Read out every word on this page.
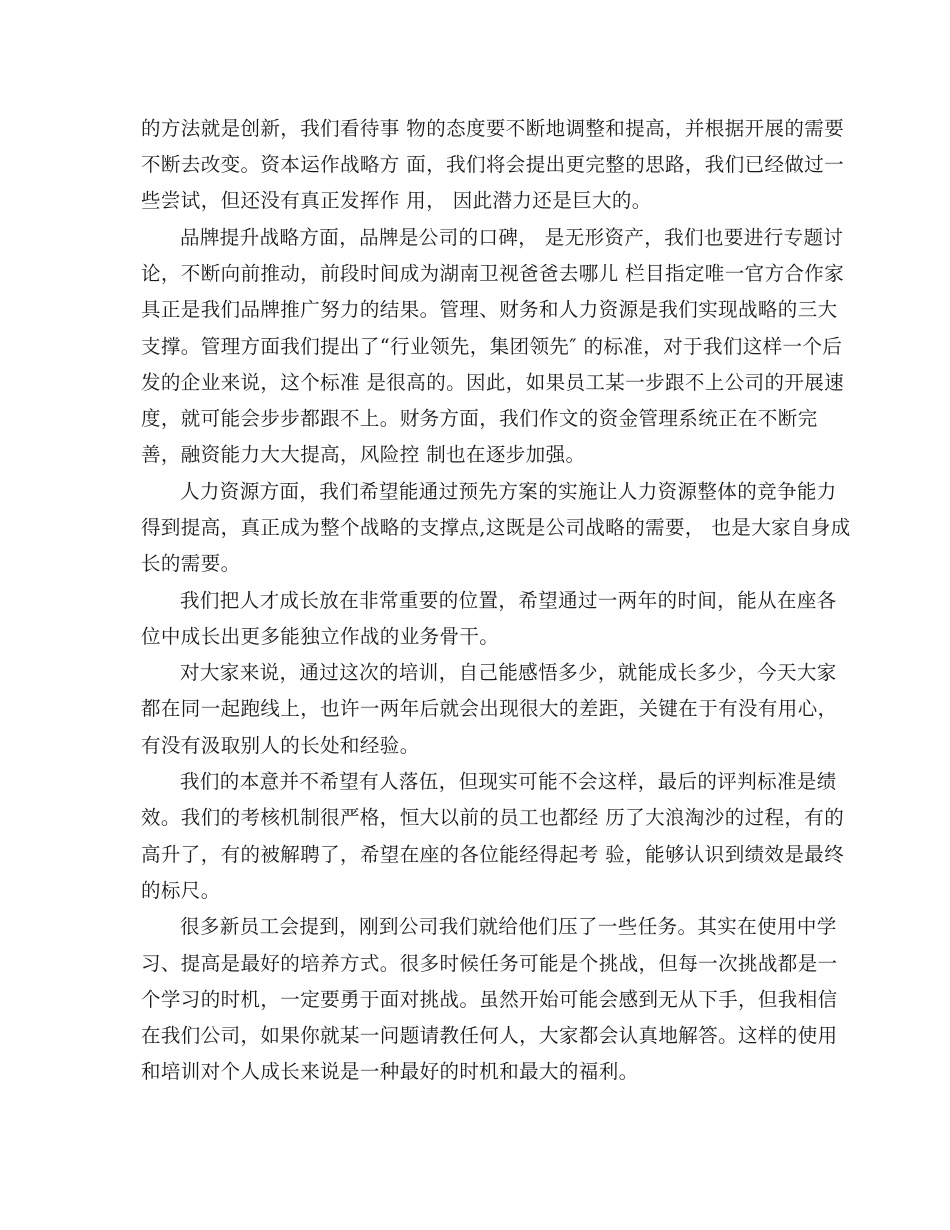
的方法就是创新，我们看待事 物的态度要不断地调整和提高，并根据开展的需要
不断去改变。资本运作战略方 面，我们将会提出更完整的思路，我们已经做过一
些尝试，但还没有真正发挥作 用， 因此潜力还是巨大的。
品牌提升战略方面，品牌是公司的口碑， 是无形资产，我们也要进行专题讨
论，不断向前推动，前段时间成为湖南卫视爸爸去哪儿 栏目指定唯一官方合作家
具正是我们品牌推广努力的结果。管理、财务和人力资源是我们实现战略的三大
支撑。管理方面我们提出了“行业领先，集团领先″ 的标准，对于我们这样一个后
发的企业来说，这个标准 是很高的。因此，如果员工某一步跟不上公司的开展速
度，就可能会步步都跟不上。财务方面，我们作文的资金管理系统正在不断完
善，融资能力大大提高，风险控 制也在逐步加强。
人力资源方面，我们希望能通过预先方案的实施让人力资源整体的竞争能力
得到提高，真正成为整个战略的支撑点,这既是公司战略的需要， 也是大家自身成
长的需要。
我们把人才成长放在非常重要的位置，希望通过一两年的时间，能从在座各
位中成长出更多能独立作战的业务骨干。
对大家来说，通过这次的培训，自己能感悟多少，就能成长多少，今天大家
都在同一起跑线上，也许一两年后就会出现很大的差距，关键在于有没有用心，
有没有汲取别人的长处和经验。
我们的本意并不希望有人落伍，但现实可能不会这样，最后的评判标准是绩
效。我们的考核机制很严格，恒大以前的员工也都经 历了大浪淘沙的过程，有的
高升了，有的被解聘了，希望在座的各位能经得起考 验，能够认识到绩效是最终
的标尺。
很多新员工会提到，刚到公司我们就给他们压了一些任务。其实在使用中学
习、提高是最好的培养方式。很多时候任务可能是个挑战，但每一次挑战都是一
个学习的时机，一定要勇于面对挑战。虽然开始可能会感到无从下手，但我相信
在我们公司，如果你就某一问题请教任何人，大家都会认真地解答。这样的使用
和培训对个人成长来说是一种最好的时机和最大的福利。
